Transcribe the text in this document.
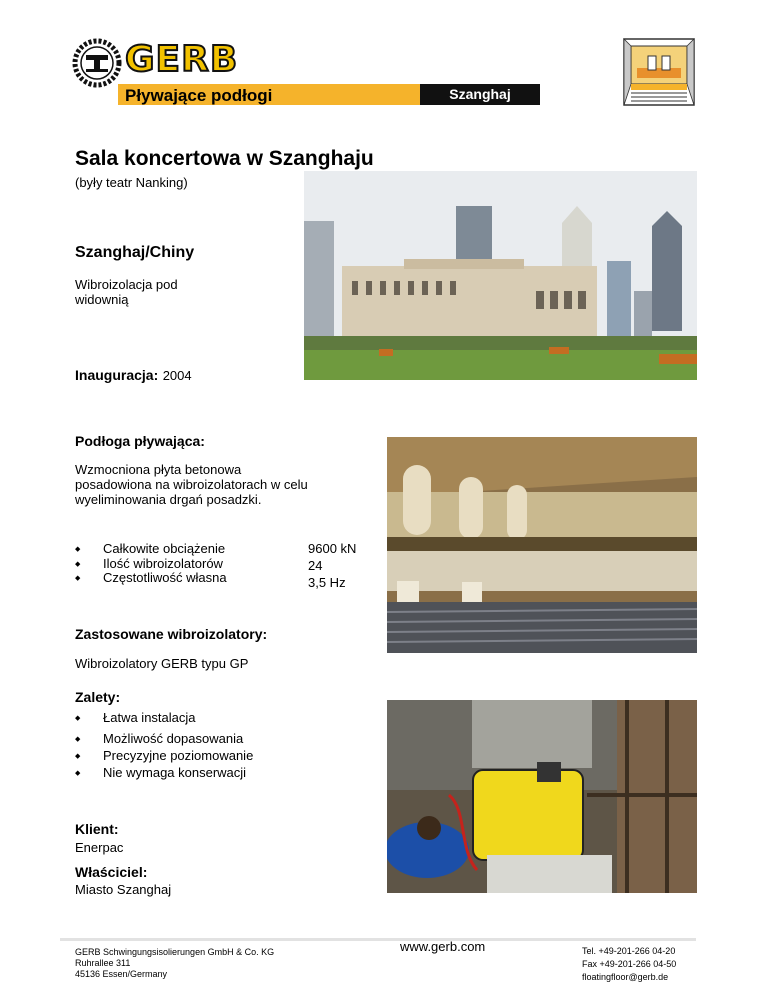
GERB
Pływające podłogi	Szanghaj
Sala koncertowa w Szanghaju
(były teatr Nanking)
Szanghaj/Chiny
Wibroizolacja pod widownią
Inauguracja: 2004
Podłoga pływająca:
Wzmocniona płyta betonowa posadowiona na wibroizolatorach w celu wyeliminowania drgań posadzki.
◆ Całkowite obciążenie
◆ Ilość wibroizolatorów
◆ Częstotliwość własna
9600 kN
24
3,5 Hz
Zastosowane wibroizolatory:
Wibroizolatory GERB typu GP
Zalety:
◆ Łatwa instalacja
◆ Możliwość dopasowania
◆ Precyzyjne poziomowanie
◆ Nie wymaga konserwacji
Klient:
Enerpac
Właściciel:
Miasto Szanghaj
GERB Schwingungsisolierungen GmbH & Co. KG
Ruhrallee 311
45136 Essen/Germany
www.gerb.com	Tel. +49-201-266 04-20
Fax +49-201-266 04-50
floatingfloor@gerb.de
